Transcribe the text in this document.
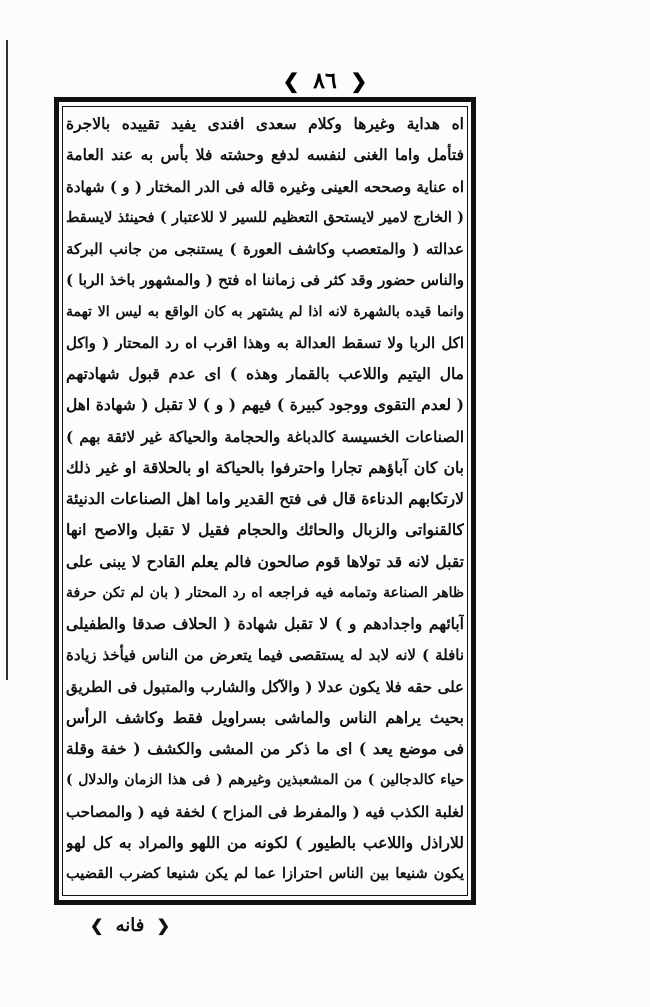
❮ ٨٦ ❯
اه هداية وغيرها وكلام سعدى افندى يفيد تقييده بالاجرة
فتأمل واما الغنى لنفسه لدفع وحشته فلا بأس به عند العامة
اه عناية وصححه العينى وغيره قاله فى الدر المختار ( و ) شهادة
( الخارج لامير لايستحق التعظيم للسير لا للاعتبار ) فحينئذ لايسقط
عدالته ( والمتعصب وكاشف العورة ) يستنجى من جانب البركة
والناس حضور وقد كثر فى زماننا اه فتح ( والمشهور باخذ الربا )
وانما قيده بالشهرة لانه اذا لم يشتهر به كان الواقع به ليس الا تهمة
اكل الربا ولا تسقط العدالة به وهذا اقرب اه رد المحتار ( واكل
مال اليتيم واللاعب بالقمار وهذه ) اى عدم قبول شهادتهم
( لعدم التقوى ووجود كبيرة ) فيهم ( و ) لا تقبل ( شهادة اهل
الصناعات الخسيسة كالدباغة والحجامة والحياكة غير لائقة بهم )
بان كان آباؤهم تجارا واحترفوا بالحياكة او بالحلاقة او غير ذلك
لارتكابهم الدناءة قال فى فتح القدير واما اهل الصناعات الدنيئة
كالقنواتى والزبال والحائك والحجام فقيل لا تقبل والاصح انها
تقبل لانه قد تولاها قوم صالحون فالم يعلم القادح لا يبنى على
ظاهر الصناعة وتمامه فيه فراجعه اه رد المحتار ( بان لم تكن حرفة
آبائهم واجدادهم و ) لا تقبل شهادة ( الحلاف صدقا والطفيلى
نافلة ) لانه لابد له يستقصى فيما يتعرض من الناس فيأخذ زيادة
على حقه فلا يكون عدلا ( والآكل والشارب والمتبول فى الطريق
بحيث يراهم الناس والماشى بسراويل فقط وكاشف الرأس
فى موضع يعد ) اى ما ذكر من المشى والكشف ( خفة وقلة
حياء كالدجالين ) من المشعبذين وغيرهم ( فى هذا الزمان والدلال )
لغلبة الكذب فيه ( والمفرط فى المزاح ) لخفة فيه ( والمصاحب
للاراذل واللاعب بالطيور ) لكونه من اللهو والمراد به كل لهو
يكون شنيعا بين الناس احترازا عما لم يكن شنيعا كضرب القضيب
❮ فانه ❯
